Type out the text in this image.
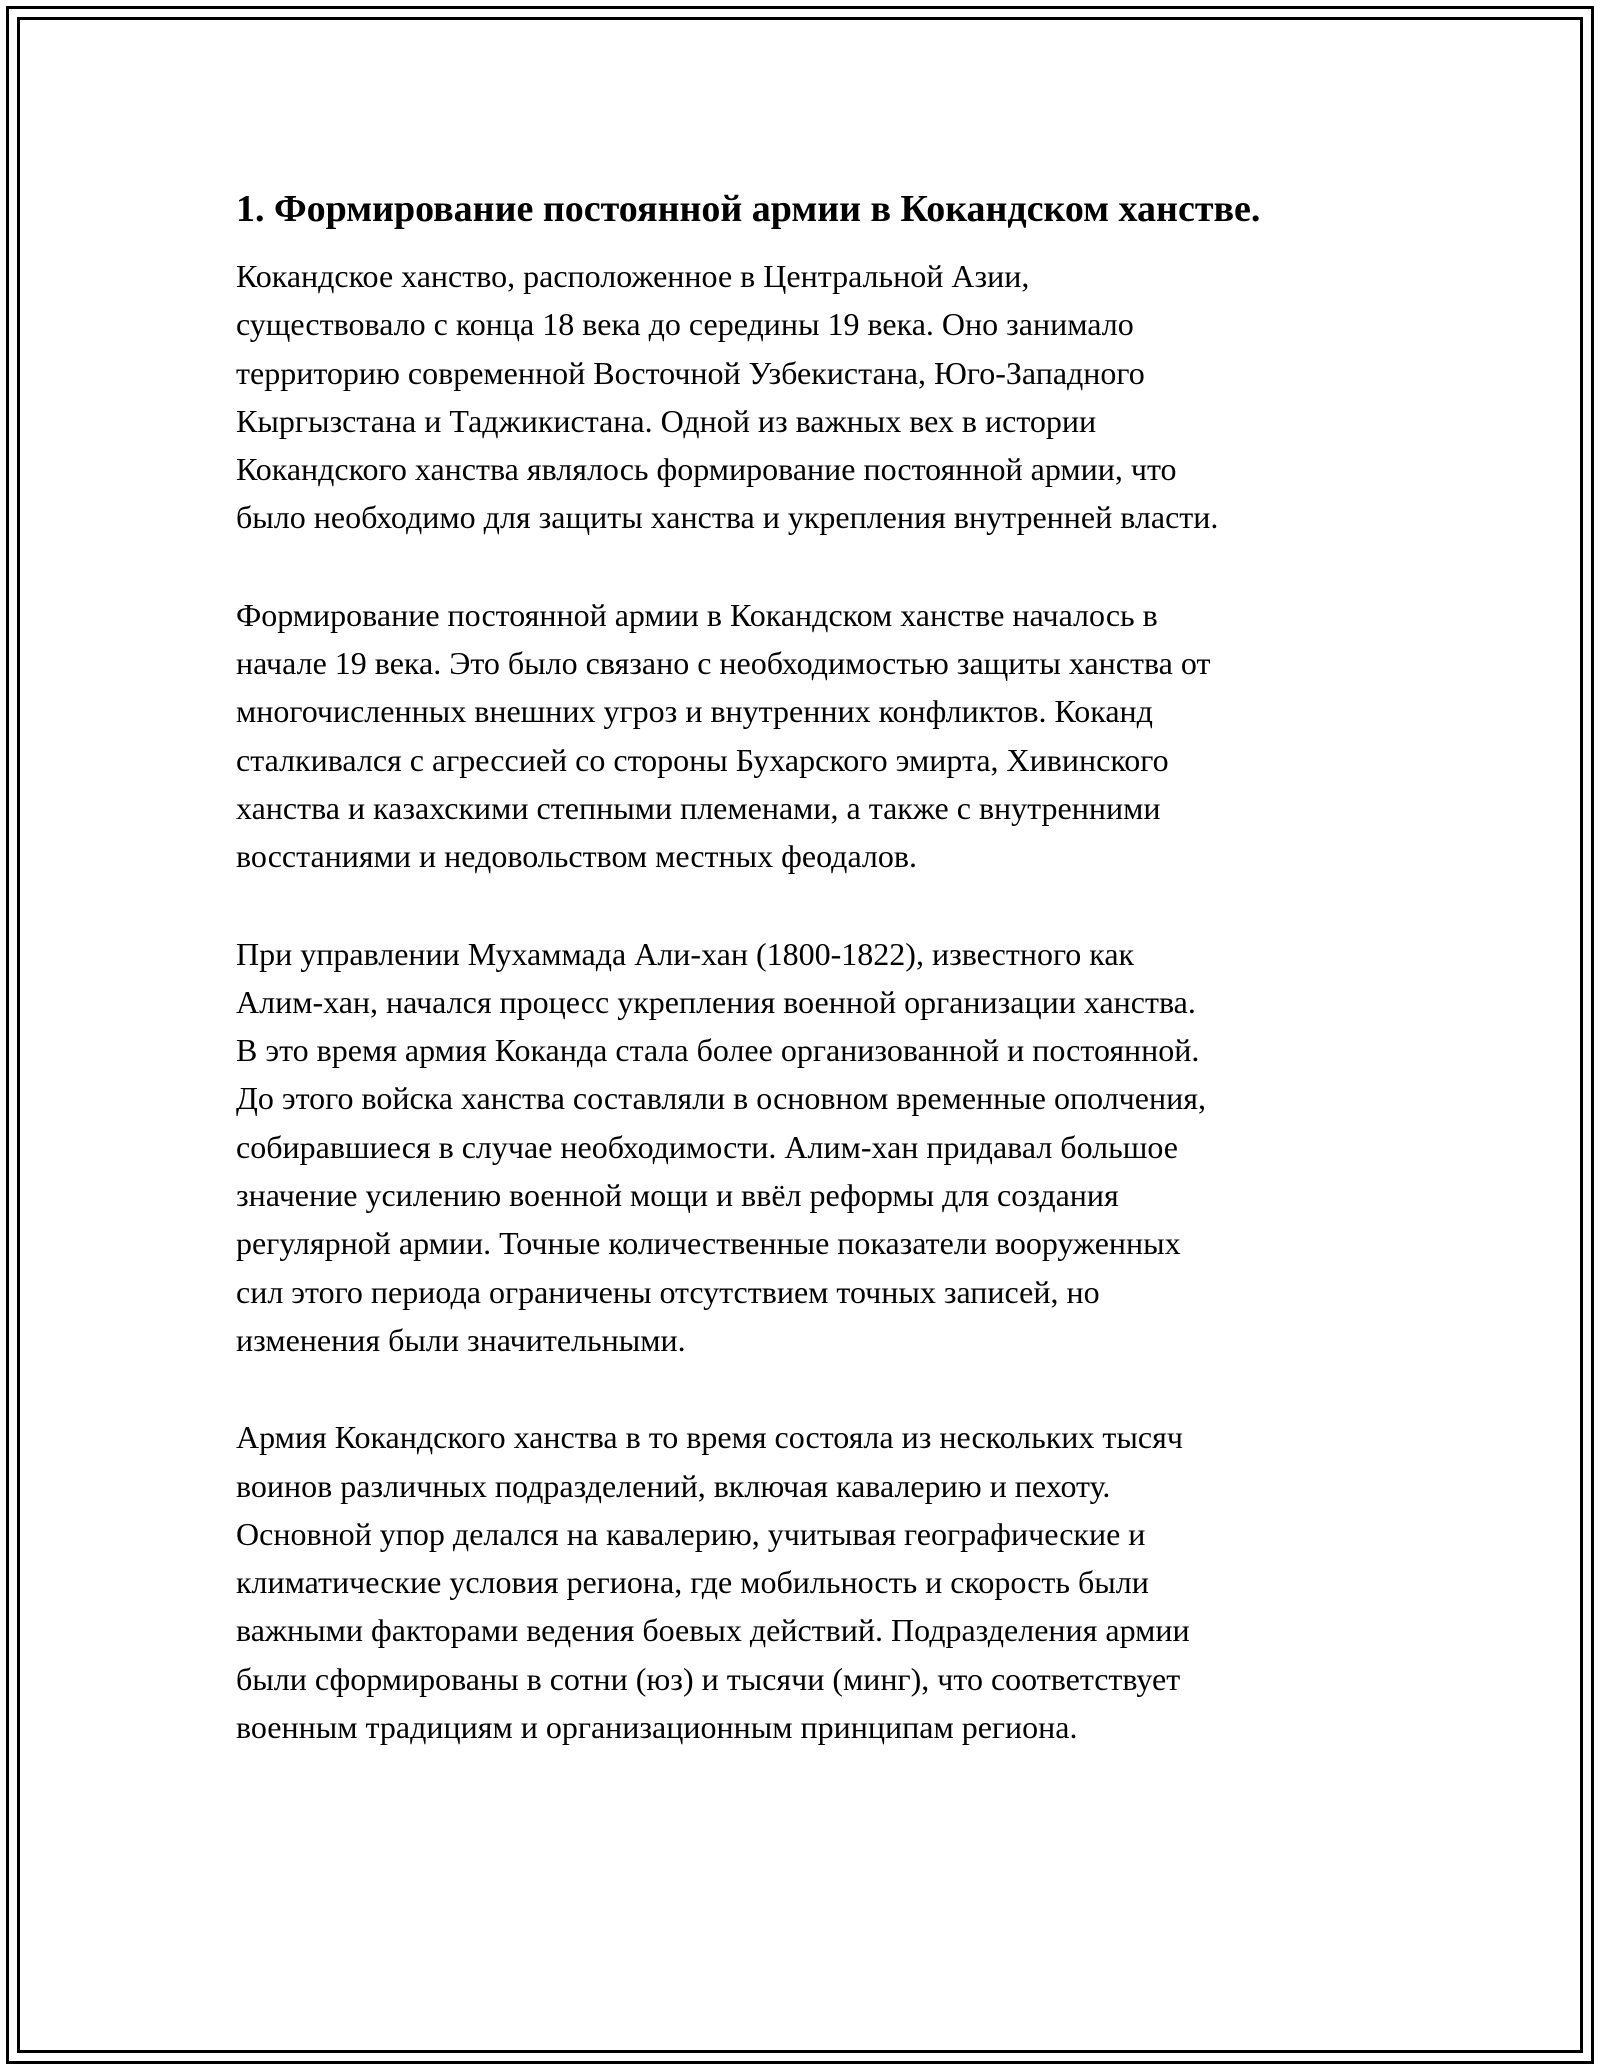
1. Формирование постоянной армии в Кокандском ханстве.

Кокандское ханство, расположенное в Центральной Азии,
существовало с конца 18 века до середины 19 века. Оно занимало
территорию современной Восточной Узбекистана, Юго-Западного
Кыргызстана и Таджикистана. Одной из важных вех в истории
Кокандского ханства являлось формирование постоянной армии, что
было необходимо для защиты ханства и укрепления внутренней власти.

Формирование постоянной армии в Кокандском ханстве началось в
начале 19 века. Это было связано с необходимостью защиты ханства от
многочисленных внешних угроз и внутренних конфликтов. Коканд
сталкивался с агрессией со стороны Бухарского эмирта, Хивинского
ханства и казахскими степными племенами, а также с внутренними
восстаниями и недовольством местных феодалов.

При управлении Мухаммада Али-хан (1800-1822), известного как
Алим-хан, начался процесс укрепления военной организации ханства.
В это время армия Коканда стала более организованной и постоянной.
До этого войска ханства составляли в основном временные ополчения,
собиравшиеся в случае необходимости. Алим-хан придавал большое
значение усилению военной мощи и ввёл реформы для создания
регулярной армии. Точные количественные показатели вооруженных
сил этого периода ограничены отсутствием точных записей, но
изменения были значительными.

Армия Кокандского ханства в то время состояла из нескольких тысяч
воинов различных подразделений, включая кавалерию и пехоту.
Основной упор делался на кавалерию, учитывая географические и
климатические условия региона, где мобильность и скорость были
важными факторами ведения боевых действий. Подразделения армии
были сформированы в сотни (юз) и тысячи (минг), что соответствует
военным традициям и организационным принципам региона.
